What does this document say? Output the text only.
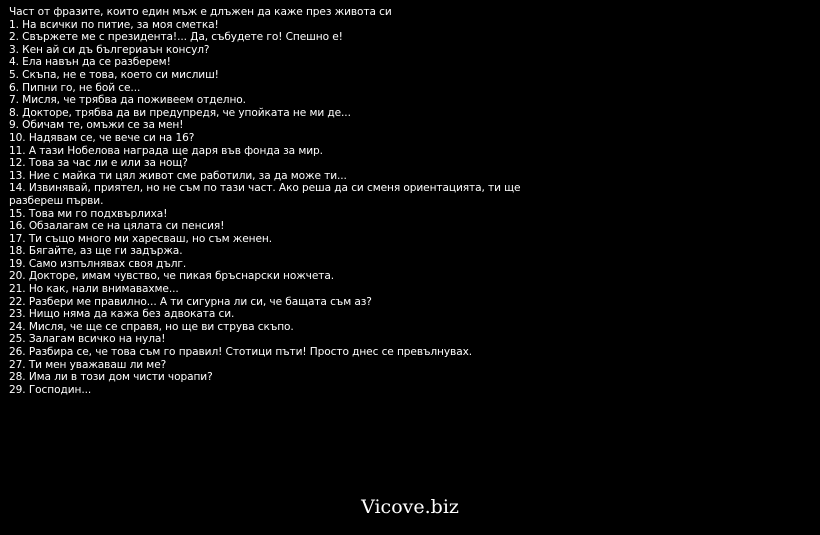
Част от фразите, които един мъж е длъжен да каже през живота си
1. На всички по питие, за моя сметка!
2. Свържете ме с президента!... Да, събудете го! Спешно е!
3. Кен ай си дъ бългериаън консул?
4. Ела навън да се разберем!
5. Скъпа, не е това, което си мислиш!
6. Пипни го, не бой се...
7. Мисля, че трябва да поживеем отделно.
8. Докторе, трябва да ви предупредя, че упойката не ми де...
9. Обичам те, омъжи се за мен!
10. Надявам се, че вече си на 16?
11. А тази Нобелова награда ще даря във фонда за мир.
12. Това за час ли е или за нощ?
13. Ние с майка ти цял живот сме работили, за да може ти...
14. Извинявай, приятел, но не съм по тази част. Ако реша да си сменя ориентацията, ти ще разбереш първи.
15. Това ми го подхвърлиха!
16. Обзалагам се на цялата си пенсия!
17. Ти също много ми харесваш, но съм женен.
18. Бягайте, аз ще ги задържа.
19. Само изпълнявах своя дълг.
20. Докторе, имам чувство, че пикая бръснарски ножчета.
21. Но как, нали внимавахме...
22. Разбери ме правилно... А ти сигурна ли си, че бащата съм аз?
23. Нищо няма да кажа без адвоката си.
24. Мисля, че ще се справя, но ще ви струва скъпо.
25. Залагам всичко на нула!
26. Разбира се, че това съм го правил! Стотици пъти! Просто днес се превълнувах.
27. Ти мен уважаваш ли ме?
28. Има ли в този дом чисти чорапи?
29. Господин...
Vicove.biz
